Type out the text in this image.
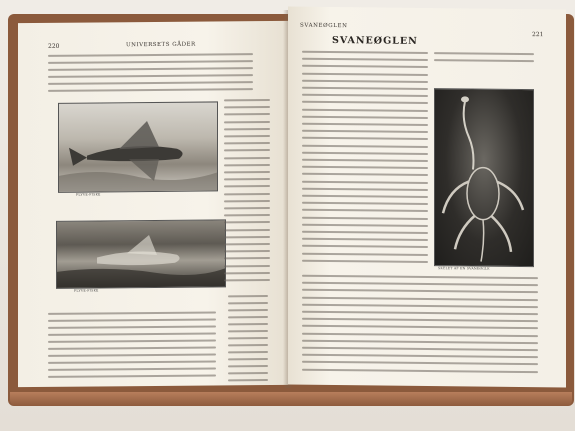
220	UNIVERSETS GÅDER
FLYVE-FISKE
FLYVE-FISKE
SVANEØGLEN
221
SVANEØGLEN
SKELET AF EN SVANEØGLE
